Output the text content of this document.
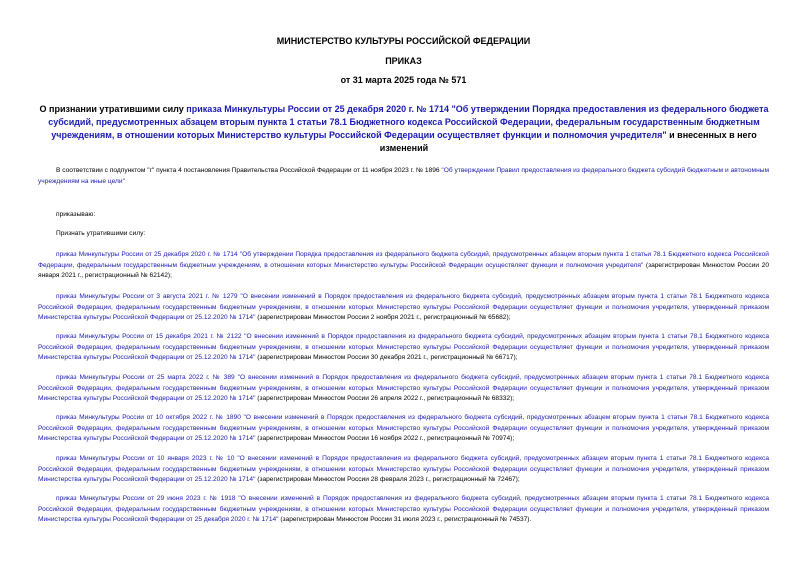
МИНИСТЕРСТВО КУЛЬТУРЫ РОССИЙСКОЙ ФЕДЕРАЦИИ
ПРИКАЗ
от 31 марта 2025 года № 571
О признании утратившими силу приказа Минкультуры России от 25 декабря 2020 г. № 1714 "Об утверждении Порядка предоставления из федерального бюджета субсидий, предусмотренных абзацем вторым пункта 1 статьи 78.1 Бюджетного кодекса Российской Федерации, федеральным государственным бюджетным учреждениям, в отношении которых Министерство культуры Российской Федерации осуществляет функции и полномочия учредителя" и внесенных в него изменений

В соответствии с подпунктом "г" пункта 4 постановления Правительства Российской Федерации от 11 ноября 2023 г. № 1896 "Об утверждении Правил предоставления из федерального бюджета субсидий бюджетным и автономным учреждениям на иные цели"

приказываю:

Признать утратившими силу:

приказ Минкультуры России от 25 декабря 2020 г. № 1714 "Об утверждении Порядка предоставления из федерального бюджета субсидий, предусмотренных абзацем вторым пункта 1 статьи 78.1 Бюджетного кодекса Российской Федерации, федеральным государственным бюджетным учреждениям, в отношении которых Министерство культуры Российской Федерации осуществляет функции и полномочия учредителя" (зарегистрирован Минюстом России 20 января 2021 г., регистрационный № 62142);

приказ Минкультуры России от 3 августа 2021 г. № 1279 "О внесении изменений в Порядок предоставления из федерального бюджета субсидий, предусмотренных абзацем вторым пункта 1 статьи 78.1 Бюджетного кодекса Российской Федерации, федеральным государственным бюджетным учреждениям, в отношении которых Министерство культуры Российской Федерации осуществляет функции и полномочия учредителя, утвержденный приказом Министерства культуры Российской Федерации от 25.12.2020 № 1714" (зарегистрирован Минюстом России 2 ноября 2021 г., регистрационный № 65682);

приказ Минкультуры России от 15 декабря 2021 г. № 2122 "О внесении изменений в Порядок предоставления из федерального бюджета субсидий, предусмотренных абзацем вторым пункта 1 статьи 78.1 Бюджетного кодекса Российской Федерации, федеральным государственным бюджетным учреждениям, в отношении которых Министерство культуры Российской Федерации осуществляет функции и полномочия учредителя, утвержденный приказом Министерства культуры Российской Федерации от 25.12.2020 № 1714" (зарегистрирован Минюстом России 30 декабря 2021 г., регистрационный № 66717);

приказ Минкультуры России от 25 марта 2022 г. № 389 "О внесении изменений в Порядок предоставления из федерального бюджета субсидий, предусмотренных абзацем вторым пункта 1 статьи 78.1 Бюджетного кодекса Российской Федерации, федеральным государственным бюджетным учреждениям, в отношении которых Министерство культуры Российской Федерации осуществляет функции и полномочия учредителя, утвержденный приказом Министерства культуры Российской Федерации от 25.12.2020 № 1714" (зарегистрирован Минюстом России 26 апреля 2022 г., регистрационный № 68332);

приказ Минкультуры России от 10 октября 2022 г. № 1890 "О внесении изменений в Порядок предоставления из федерального бюджета субсидий, предусмотренных абзацем вторым пункта 1 статьи 78.1 Бюджетного кодекса Российской Федерации, федеральным государственным бюджетным учреждениям, в отношении которых Министерство культуры Российской Федерации осуществляет функции и полномочия учредителя, утвержденный приказом Министерства культуры Российской Федерации от 25.12.2020 № 1714" (зарегистрирован Минюстом России 16 ноября 2022 г., регистрационный № 70974);

приказ Минкультуры России от 10 января 2023 г. № 10 "О внесении изменений в Порядок предоставления из федерального бюджета субсидий, предусмотренных абзацем вторым пункта 1 статьи 78.1 Бюджетного кодекса Российской Федерации, федеральным государственным бюджетным учреждениям, в отношении которых Министерство культуры Российской Федерации осуществляет функции и полномочия учредителя, утвержденный приказом Министерства культуры Российской Федерации от 25.12.2020 № 1714" (зарегистрирован Минюстом России 28 февраля 2023 г., регистрационный № 72467);

приказ Минкультуры России от 29 июня 2023 г. № 1918 "О внесении изменений в Порядок предоставления из федерального бюджета субсидий, предусмотренных абзацем вторым пункта 1 статьи 78.1 Бюджетного кодекса Российской Федерации, федеральным государственным бюджетным учреждениям, в отношении которых Министерство культуры Российской Федерации осуществляет функции и полномочия учредителя, утвержденный приказом Министерства культуры Российской Федерации от 25 декабря 2020 г. № 1714" (зарегистрирован Минюстом России 31 июля 2023 г., регистрационный № 74537).
